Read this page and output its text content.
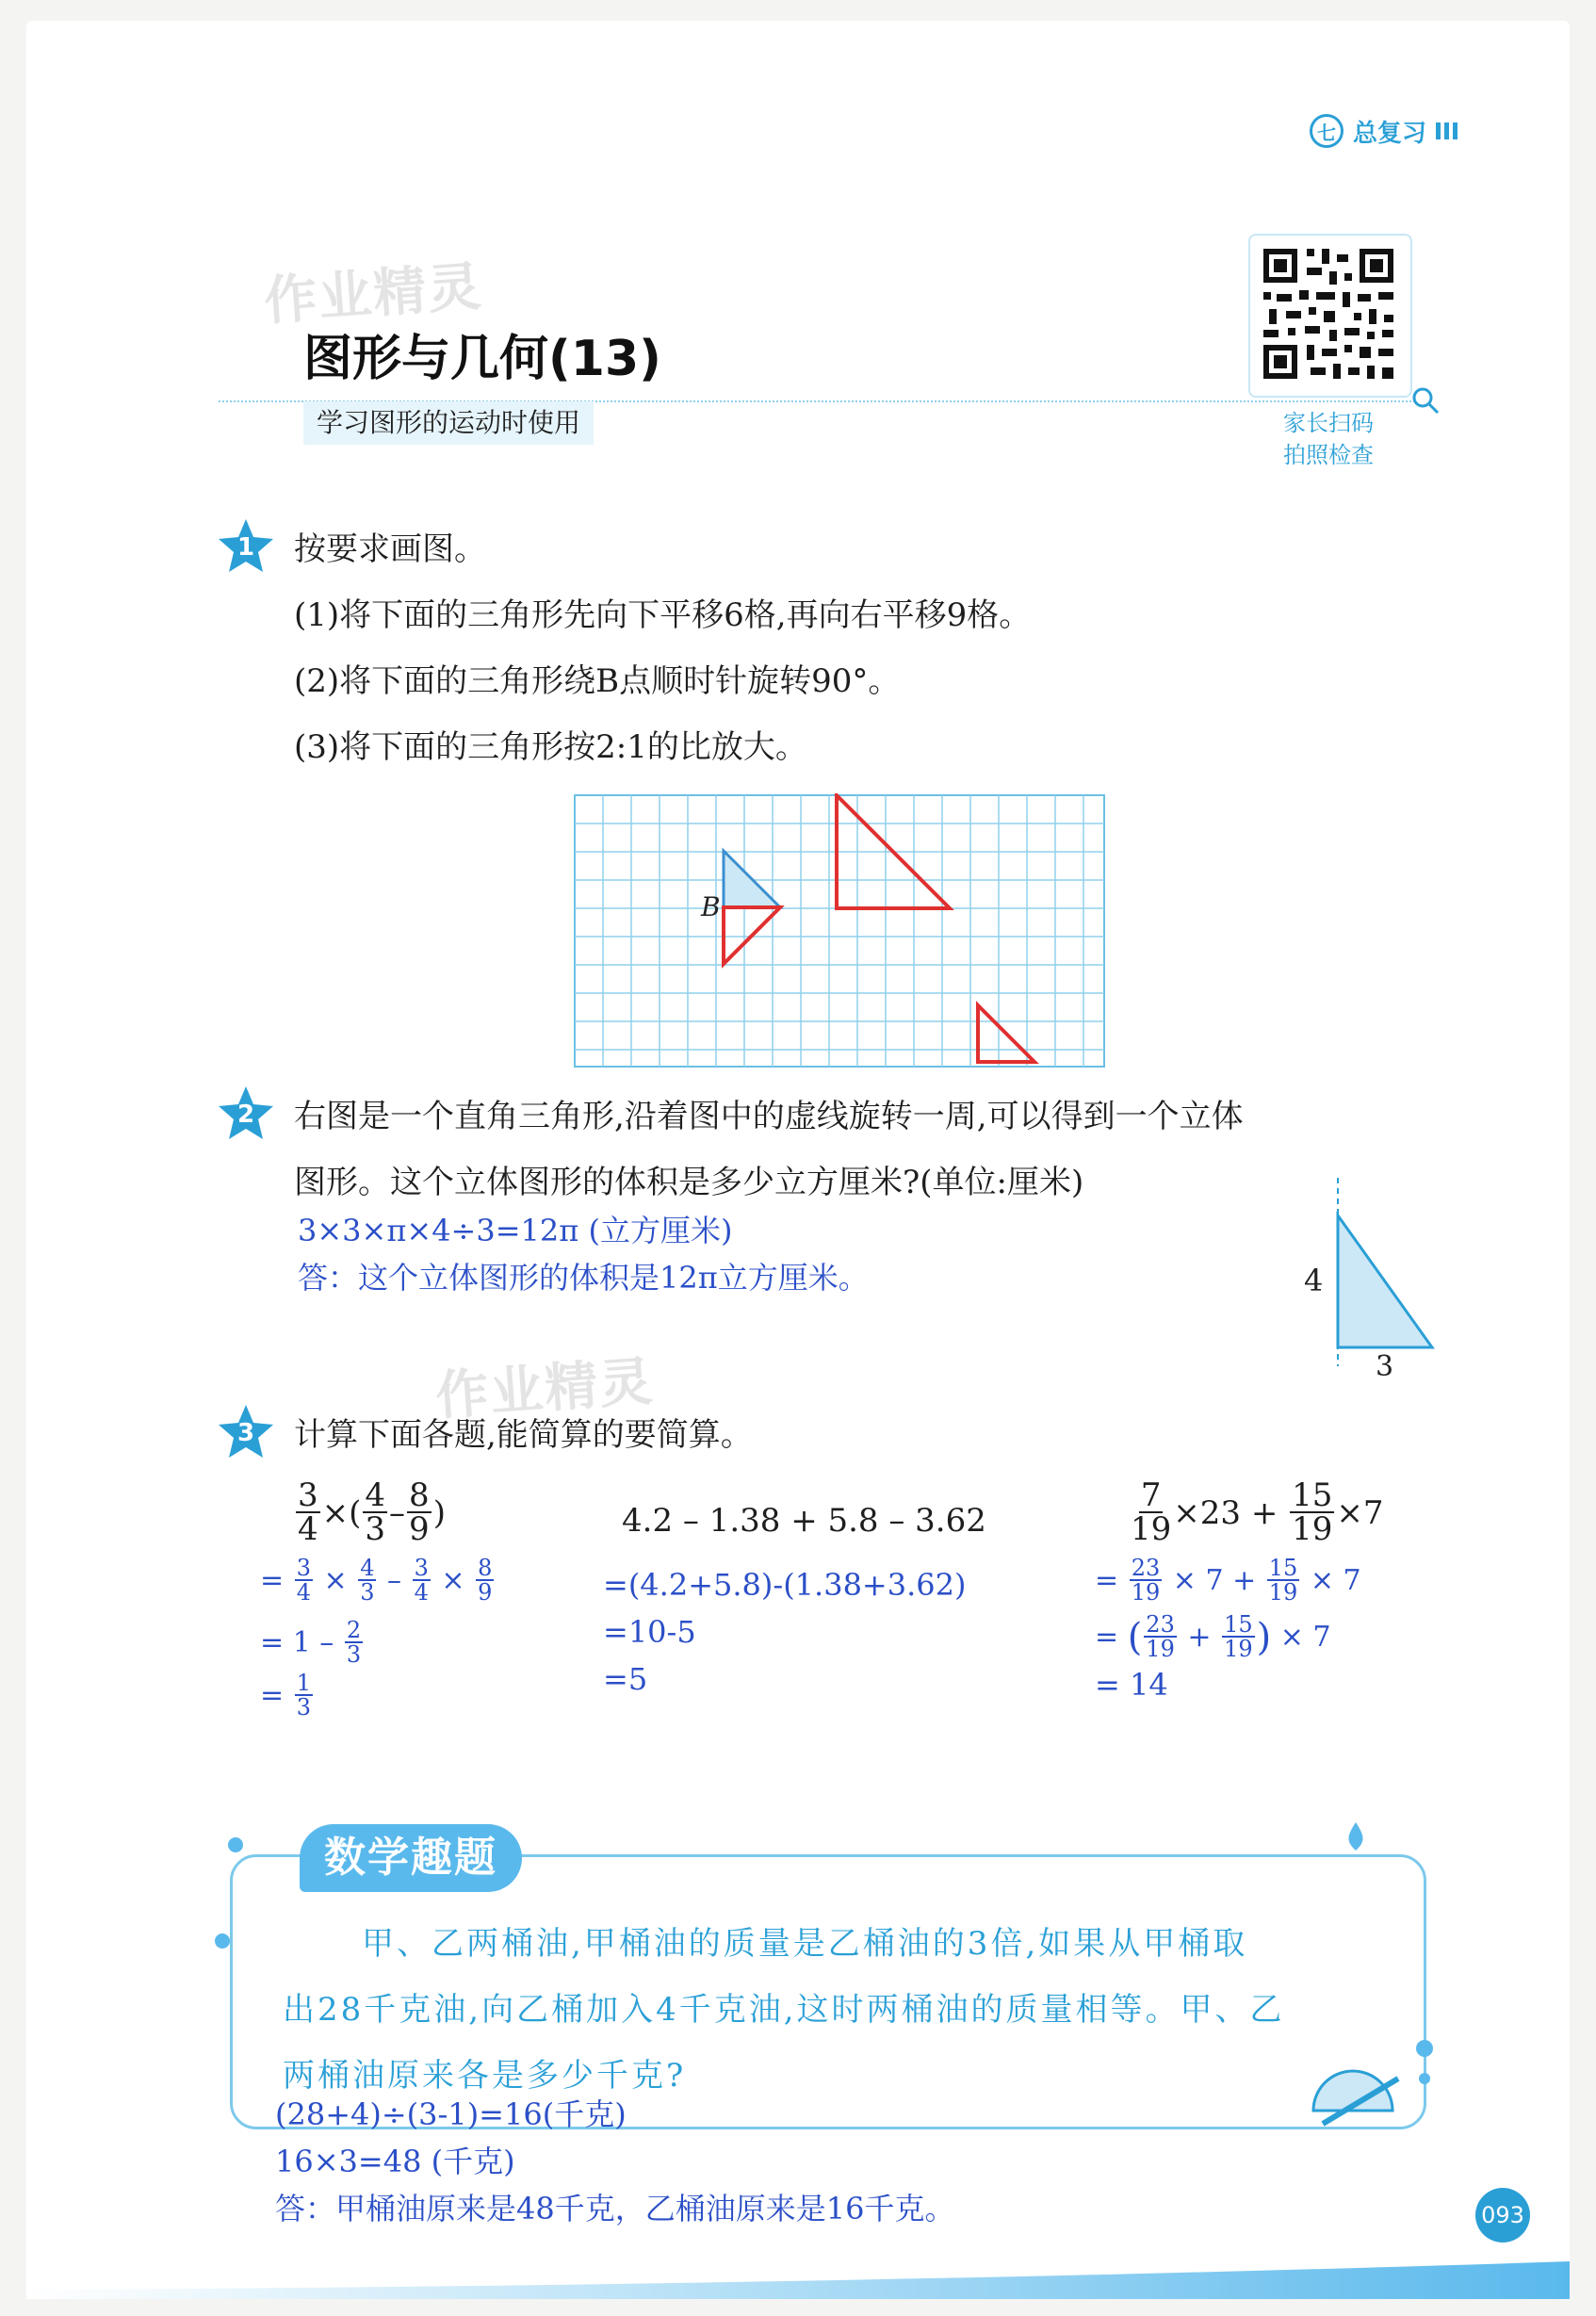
七 总复习
作业精灵
图形与几何(13)
学习图形的运动时使用	家长扫码
拍照检查
1 按要求画图。
(1)将下面的三角形先向下平移6格,再向右平移9格。
(2)将下面的三角形绕B点顺时针旋转90°。
(3)将下面的三角形按2:1的比放大。
B
2 右图是一个直角三角形,沿着图中的虚线旋转一周,可以得到一个立体
图形。这个立体图形的体积是多少立方厘米?(单位:厘米)
3×3×π×4÷3=12π (立方厘米)
答：这个立体图形的体积是12π立方厘米。	4
3
作业精灵
3 计算下面各题,能简算的要简算。
$\frac{3}{4}$ ×( $\frac{4}{3} - \frac{8}{9}$ )
=
$\frac{3}{4}$
×
$\frac{4}{3}$
–
$\frac{3}{4}$
×
$\frac{8}{9}$
=
1 –
$\frac{2}{3}$
=
$\frac{1}{3}$
4.2 – 1.38 + 5.8 – 3.62
=(4.2+5.8)-(1.38+3.62)
=10-5
=5
$\frac{7}{19} \times 23$ +
$\frac{15}{19} \times 7$
=
$\frac{23}{19}$
× 7 +
$\frac{15}{19}$
× 7
=
( $\frac{23}{19}$
+
$\frac{15}{19}$ )
× 7
= 14
数学趣题
甲、乙两桶油,甲桶油的质量是乙桶油的3倍,如果从甲桶取
出28千克油,向乙桶加入4千克油,这时两桶油的质量相等。甲、乙
两桶油原来各是多少千克?
(28+4)÷(3-1)=16(千克)
16×3=48 (千克)
答：甲桶油原来是48千克，乙桶油原来是16千克。	093
